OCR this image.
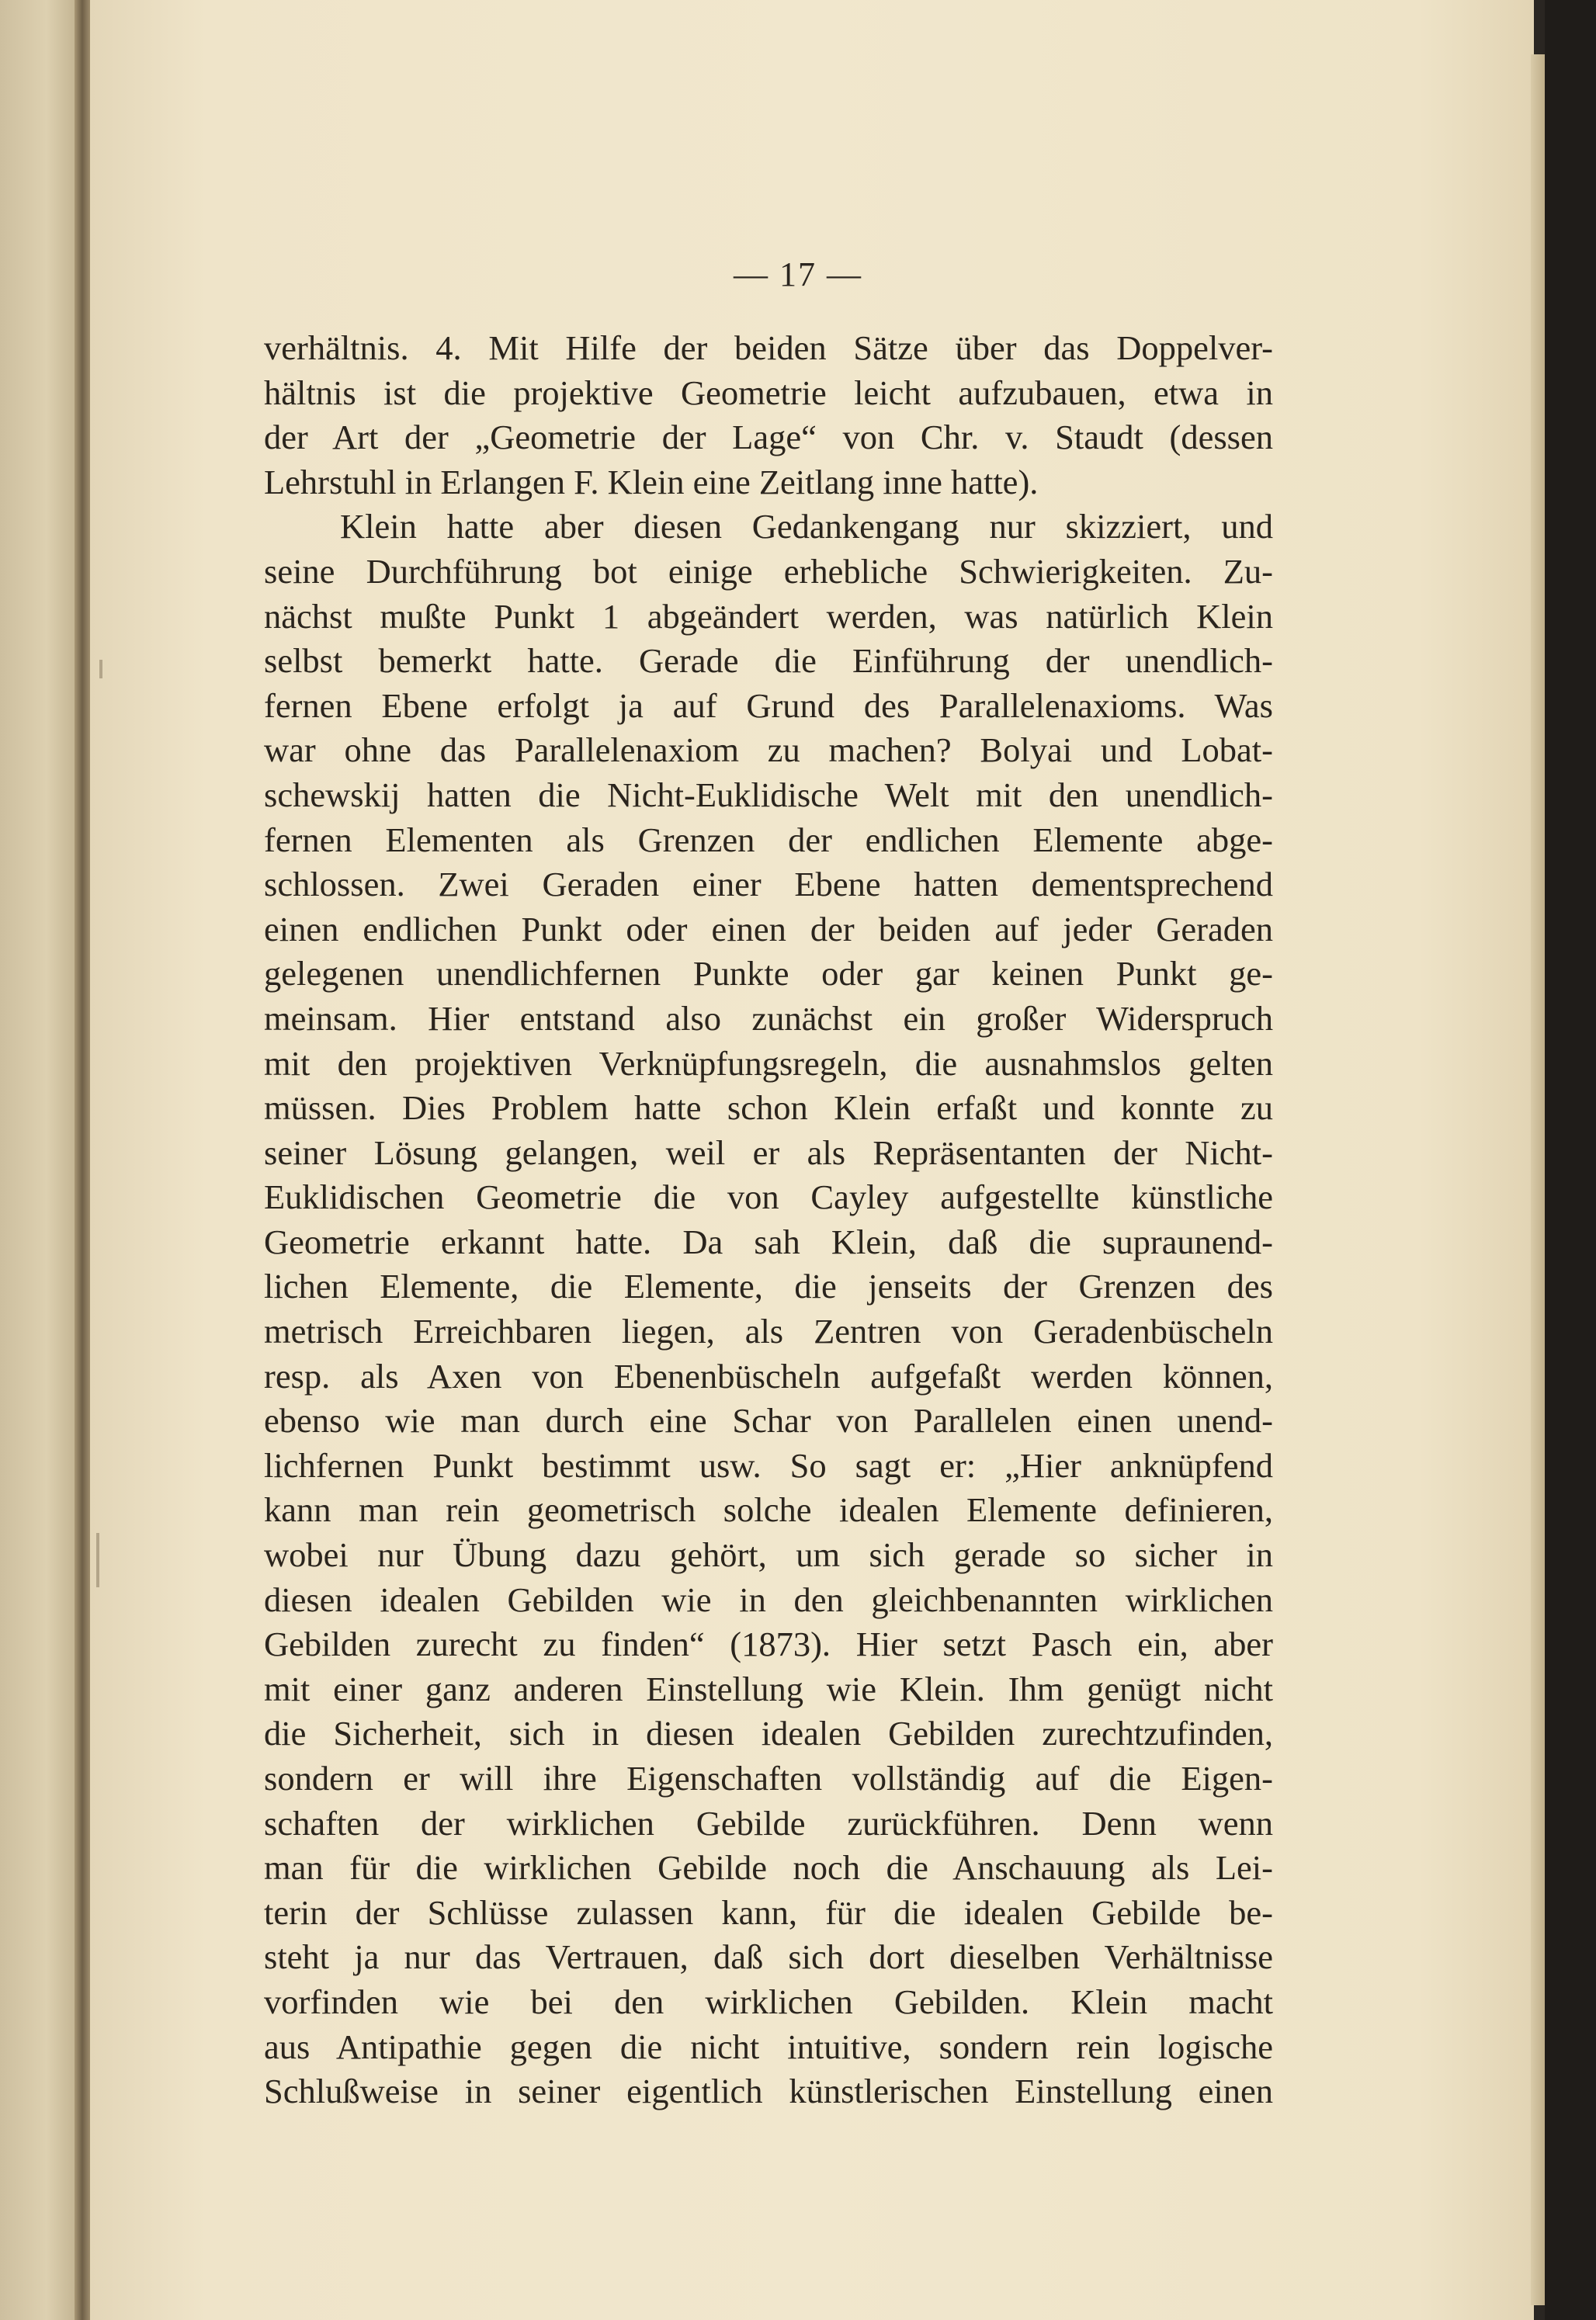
— 17 —
verhältnis. 4. Mit Hilfe der beiden Sätze über das Doppelver-
hältnis ist die projektive Geometrie leicht aufzubauen, etwa in
der Art der „Geometrie der Lage“ von Chr. v. Staudt (dessen
Lehrstuhl in Erlangen F. Klein eine Zeitlang inne hatte).
Klein hatte aber diesen Gedankengang nur skizziert, und
seine Durchführung bot einige erhebliche Schwierigkeiten. Zu-
nächst mußte Punkt 1 abgeändert werden, was natürlich Klein
selbst bemerkt hatte. Gerade die Einführung der unendlich-
fernen Ebene erfolgt ja auf Grund des Parallelenaxioms. Was
war ohne das Parallelenaxiom zu machen? Bolyai und Lobat-
schewskij hatten die Nicht-Euklidische Welt mit den unendlich-
fernen Elementen als Grenzen der endlichen Elemente abge-
schlossen. Zwei Geraden einer Ebene hatten dementsprechend
einen endlichen Punkt oder einen der beiden auf jeder Geraden
gelegenen unendlichfernen Punkte oder gar keinen Punkt ge-
meinsam. Hier entstand also zunächst ein großer Widerspruch
mit den projektiven Verknüpfungsregeln, die ausnahmslos gelten
müssen. Dies Problem hatte schon Klein erfaßt und konnte zu
seiner Lösung gelangen, weil er als Repräsentanten der Nicht-
Euklidischen Geometrie die von Cayley aufgestellte künstliche
Geometrie erkannt hatte. Da sah Klein, daß die supraunend-
lichen Elemente, die Elemente, die jenseits der Grenzen des
metrisch Erreichbaren liegen, als Zentren von Geradenbüscheln
resp. als Axen von Ebenenbüscheln aufgefaßt werden können,
ebenso wie man durch eine Schar von Parallelen einen unend-
lichfernen Punkt bestimmt usw. So sagt er: „Hier anknüpfend
kann man rein geometrisch solche idealen Elemente definieren,
wobei nur Übung dazu gehört, um sich gerade so sicher in
diesen idealen Gebilden wie in den gleichbenannten wirklichen
Gebilden zurecht zu finden“ (1873). Hier setzt Pasch ein, aber
mit einer ganz anderen Einstellung wie Klein. Ihm genügt nicht
die Sicherheit, sich in diesen idealen Gebilden zurechtzufinden,
sondern er will ihre Eigenschaften vollständig auf die Eigen-
schaften der wirklichen Gebilde zurückführen. Denn wenn
man für die wirklichen Gebilde noch die Anschauung als Lei-
terin der Schlüsse zulassen kann, für die idealen Gebilde be-
steht ja nur das Vertrauen, daß sich dort dieselben Verhältnisse
vorfinden wie bei den wirklichen Gebilden. Klein macht
aus Antipathie gegen die nicht intuitive, sondern rein logische
Schlußweise in seiner eigentlich künstlerischen Einstellung einen
